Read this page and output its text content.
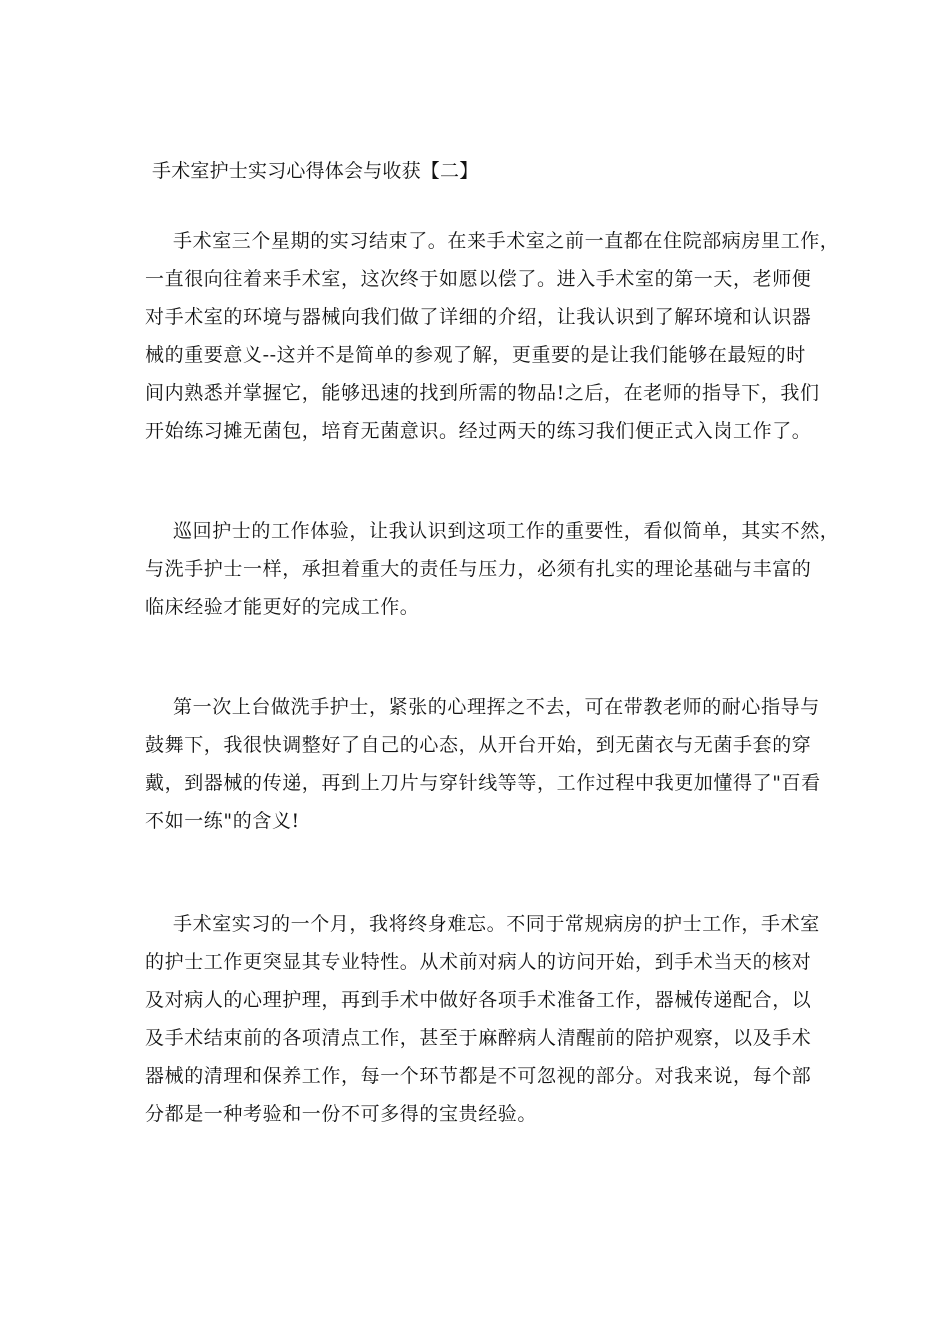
手术室护士实习心得体会与收获【二】
手术室三个星期的实习结束了。在来手术室之前一直都在住院部病房里工作，
一直很向往着来手术室，这次终于如愿以偿了。进入手术室的第一天，老师便
对手术室的环境与器械向我们做了详细的介绍，让我认识到了解环境和认识器
械的重要意义--这并不是简单的参观了解，更重要的是让我们能够在最短的时
间内熟悉并掌握它，能够迅速的找到所需的物品!之后，在老师的指导下，我们
开始练习摊无菌包，培育无菌意识。经过两天的练习我们便正式入岗工作了。
巡回护士的工作体验，让我认识到这项工作的重要性，看似简单，其实不然，
与洗手护士一样，承担着重大的责任与压力，必须有扎实的理论基础与丰富的
临床经验才能更好的完成工作。
第一次上台做洗手护士，紧张的心理挥之不去，可在带教老师的耐心指导与
鼓舞下，我很快调整好了自己的心态，从开台开始，到无菌衣与无菌手套的穿
戴，到器械的传递，再到上刀片与穿针线等等，工作过程中我更加懂得了"百看
不如一练"的含义!
手术室实习的一个月，我将终身难忘。不同于常规病房的护士工作，手术室
的护士工作更突显其专业特性。从术前对病人的访问开始，到手术当天的核对
及对病人的心理护理，再到手术中做好各项手术准备工作，器械传递配合，以
及手术结束前的各项清点工作，甚至于麻醉病人清醒前的陪护观察，以及手术
器械的清理和保养工作，每一个环节都是不可忽视的部分。对我来说，每个部
分都是一种考验和一份不可多得的宝贵经验。
